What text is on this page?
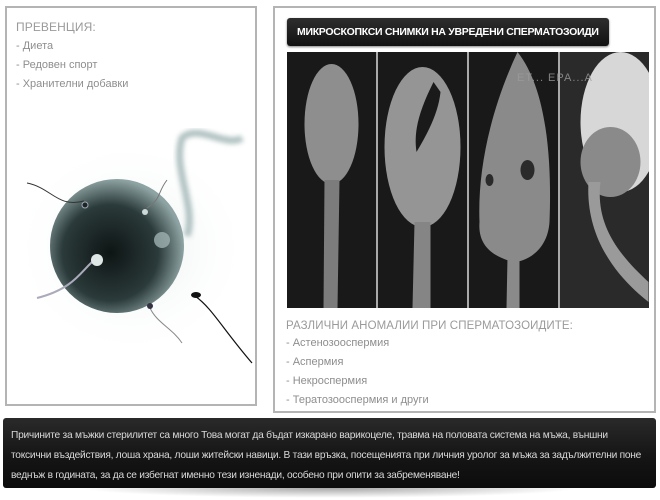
ПРЕВЕНЦИЯ:
- Диета
- Редовен спорт
- Хранителни добавки
МИКРОСКОПКСИ СНИМКИ НА УВРЕДЕНИ СПЕРМАТОЗОИДИ
ЕТ... ЕРА...А
РАЗЛИЧНИ АНОМАЛИИ ПРИ СПЕРМАТОЗОИДИТЕ:
- Астенозооспермия
- Аспермия
- Некроспермия
- Тератозооспермия и други

Причините за мъжки стерилитет са много Това могат да бъдат изкарано варикоцеле, травма на половата система на мъжа, външни токсични въздействия, лоша храна, лоши житейски навици. В тази връзка, посещенията при личния уролог за мъжа за задължителни поне веднъж в годината, за да се избегнат именно тези изненади, особено при опити за забременяване!
